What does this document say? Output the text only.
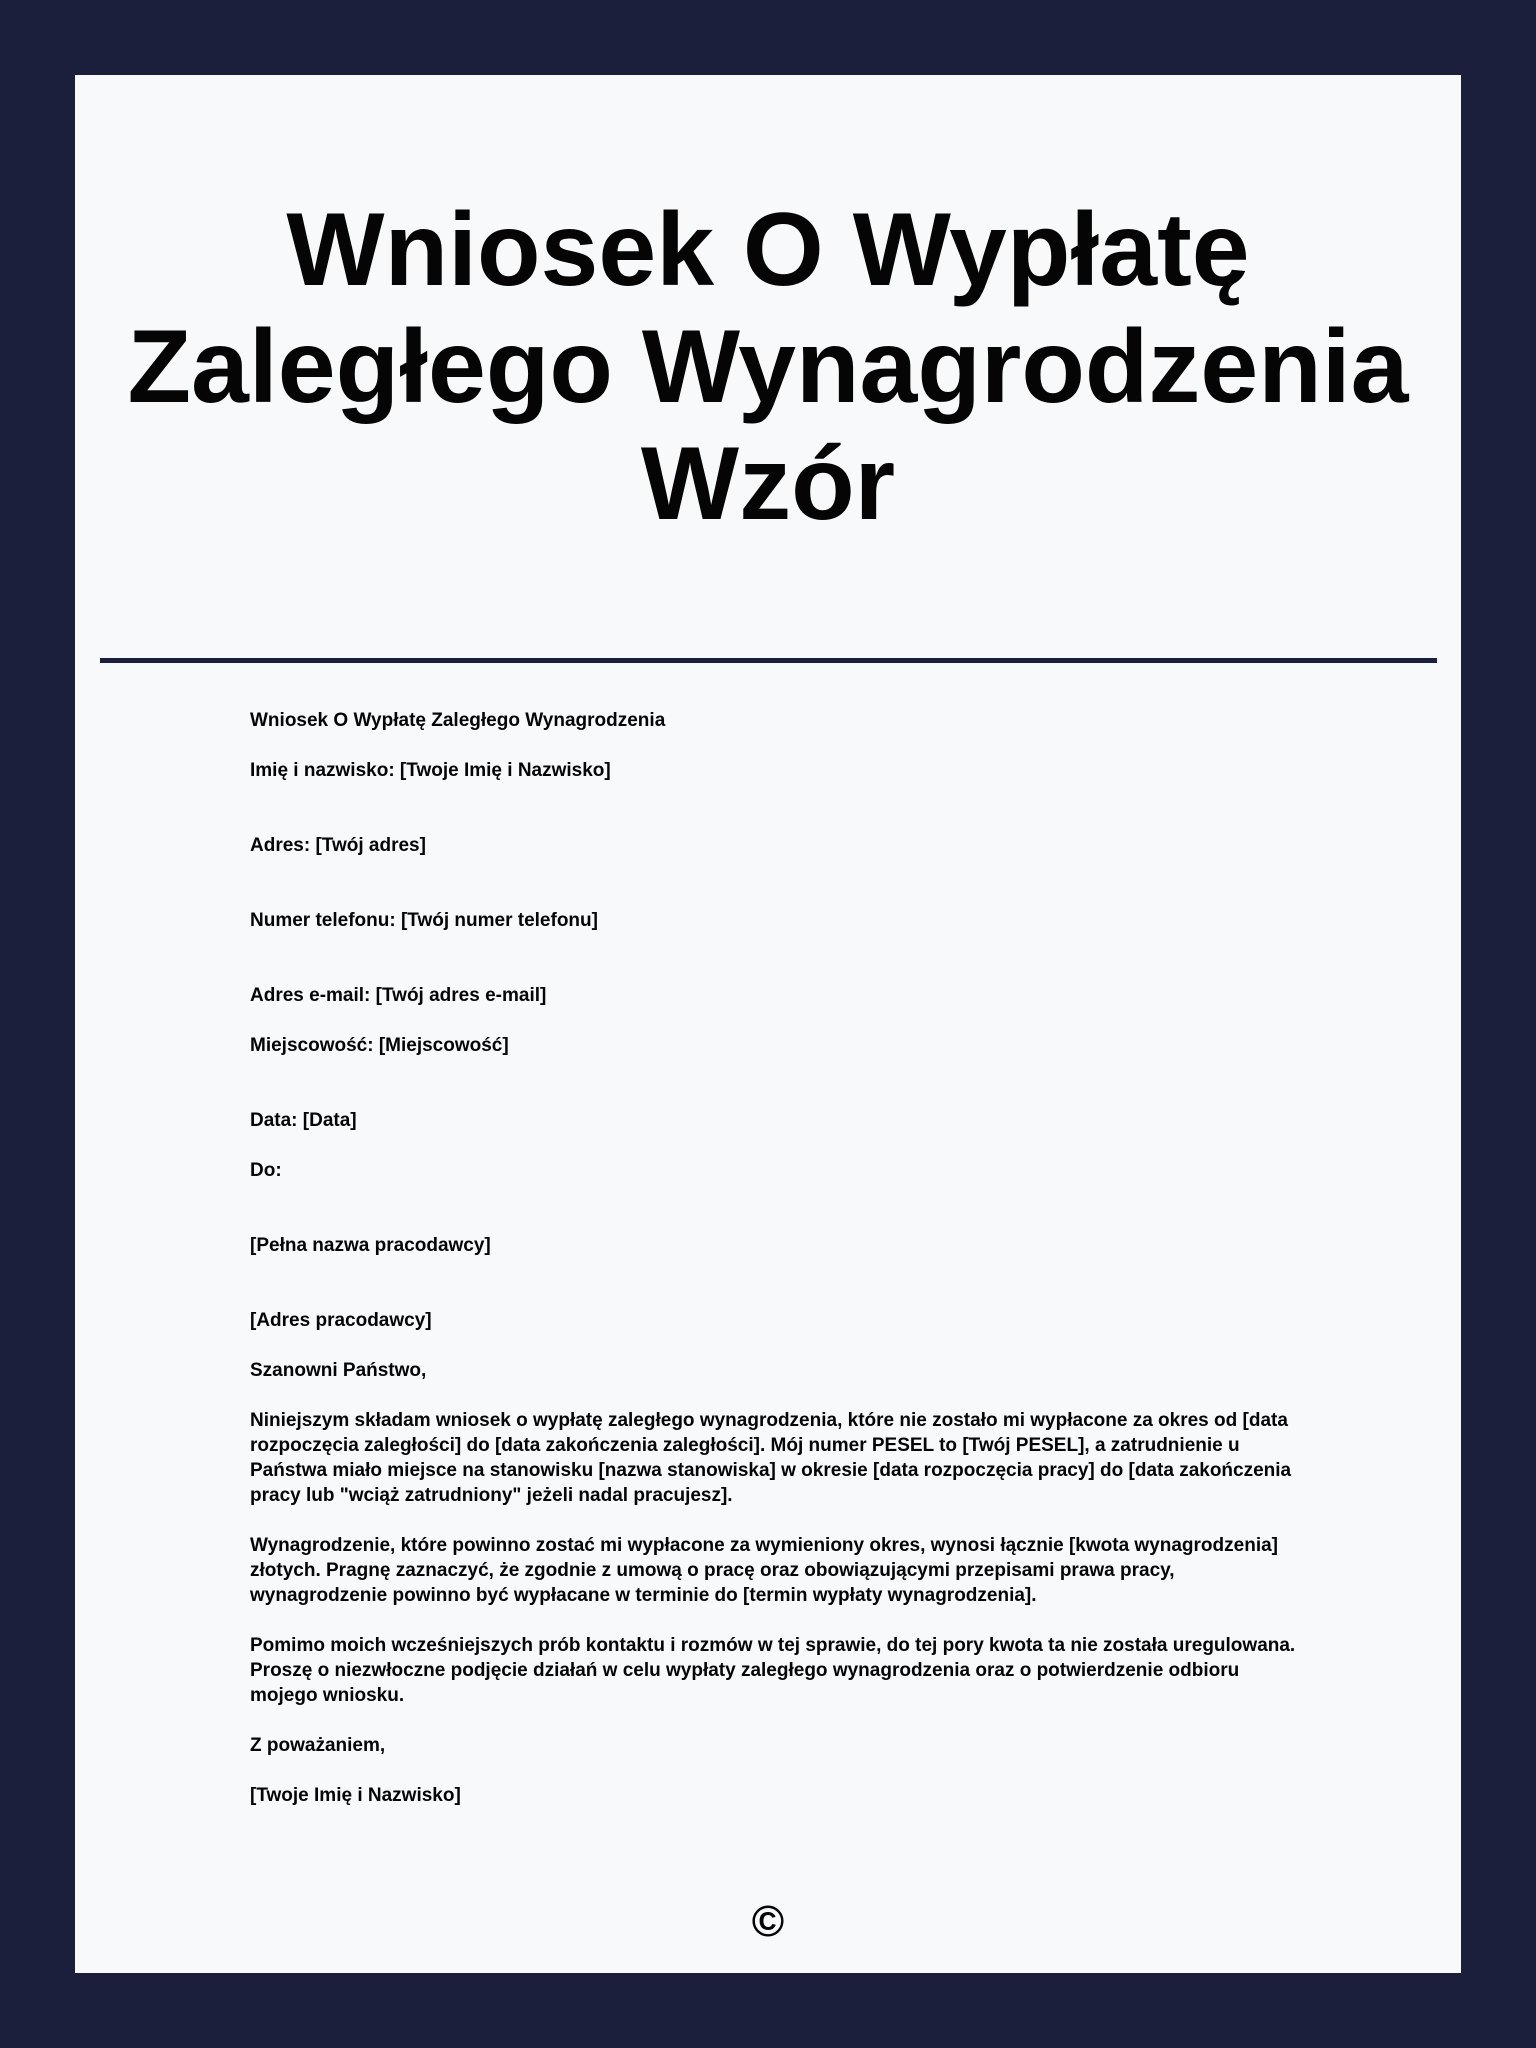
Wniosek O Wypłatę Zaległego Wynagrodzenia Wzór

Wniosek O Wypłatę Zaległego Wynagrodzenia

Imię i nazwisko: [Twoje Imię i Nazwisko]

Adres: [Twój adres]

Numer telefonu: [Twój numer telefonu]

Adres e-mail: [Twój adres e-mail]

Miejscowość: [Miejscowość]

Data: [Data]

Do:

[Pełna nazwa pracodawcy]

[Adres pracodawcy]

Szanowni Państwo,

Niniejszym składam wniosek o wypłatę zaległego wynagrodzenia, które nie zostało mi wypłacone za okres od [data rozpoczęcia zaległości] do [data zakończenia zaległości]. Mój numer PESEL to [Twój PESEL], a zatrudnienie u Państwa miało miejsce na stanowisku [nazwa stanowiska] w okresie [data rozpoczęcia pracy] do [data zakończenia pracy lub "wciąż zatrudniony" jeżeli nadal pracujesz].

Wynagrodzenie, które powinno zostać mi wypłacone za wymieniony okres, wynosi łącznie [kwota wynagrodzenia] złotych. Pragnę zaznaczyć, że zgodnie z umową o pracę oraz obowiązującymi przepisami prawa pracy, wynagrodzenie powinno być wypłacane w terminie do [termin wypłaty wynagrodzenia].

Pomimo moich wcześniejszych prób kontaktu i rozmów w tej sprawie, do tej pory kwota ta nie została uregulowana. Proszę o niezwłoczne podjęcie działań w celu wypłaty zaległego wynagrodzenia oraz o potwierdzenie odbioru mojego wniosku.

Z poważaniem,

[Twoje Imię i Nazwisko]

©
